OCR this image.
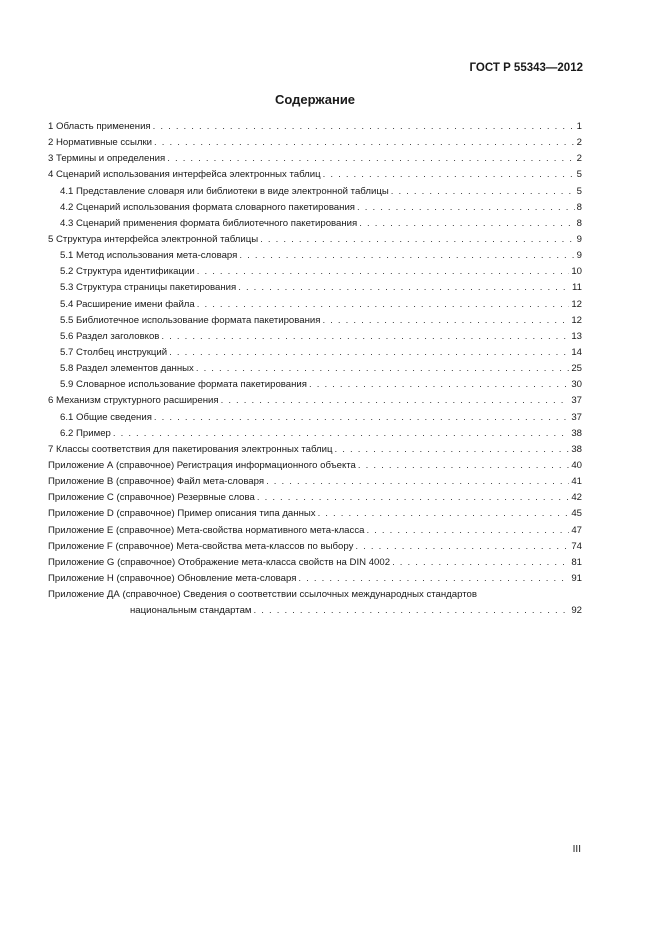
ГОСТ Р 55343—2012
Содержание
1 Область применения . . .	1
2 Нормативные ссылки . . .	2
3 Термины и определения . . .	2
4 Сценарий использования интерфейса электронных таблиц . . .	5
4.1 Представление словаря или библиотеки в виде электронной таблицы . . .	5
4.2 Сценарий использования формата словарного пакетирования . . .	8
4.3 Сценарий применения формата библиотечного пакетирования . . .	8
5 Структура интерфейса электронной таблицы . . .	9
5.1 Метод использования мета-словаря . . .	9
5.2 Структура идентификации . . .	10
5.3 Структура страницы пакетирования . . .	11
5.4 Расширение имени файла . . .	12
5.5 Библиотечное использование формата пакетирования . . .	12
5.6 Раздел заголовков . . .	13
5.7 Столбец инструкций . . .	14
5.8 Раздел элементов данных . . .	25
5.9 Словарное использование формата пакетирования . . .	30
6 Механизм структурного расширения . . .	37
6.1 Общие сведения . . .	37
6.2 Пример . . .	38
7 Классы соответствия для пакетирования электронных таблиц . . .	38
Приложение А (справочное) Регистрация информационного объекта . . .	40
Приложение В (справочное) Файл мета-словаря . . .	41
Приложение С (справочное) Резервные слова . . .	42
Приложение D (справочное) Пример описания типа данных . . .	45
Приложение Е (справочное) Мета-свойства нормативного мета-класса . . .	47
Приложение F (справочное) Мета-свойства мета-классов по выбору . . .	74
Приложение G (справочное) Отображение мета-класса свойств на DIN 4002 . . .	81
Приложение Н (справочное) Обновление мета-словаря . . .	91
Приложение ДА (справочное) Сведения о соответствии ссылочных международных стандартов
национальным стандартам . . .	92
III
